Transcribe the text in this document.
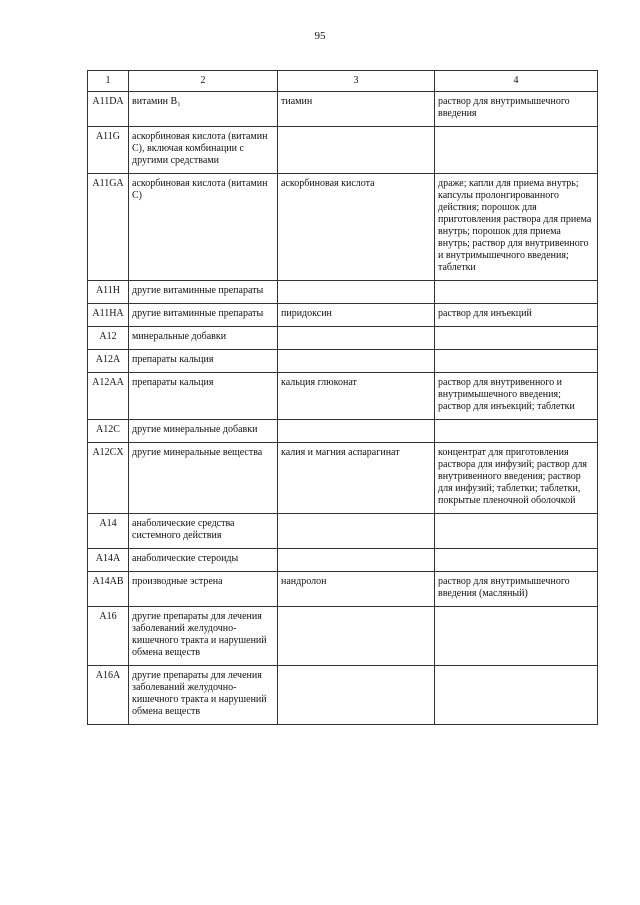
95
1	2	3	4
A11DA	витамин B₁	тиамин	раствор для внутримышечного введения
A11G	аскорбиновая кислота (витамин C), включая комбинации с другими средствами		
A11GA	аскорбиновая кислота (витамин C)	аскорбиновая кислота	драже; капли для приема внутрь; капсулы пролонгированного действия; порошок для приготовления раствора для приема внутрь; порошок для приема внутрь; раствор для внутривенного и внутримышечного введения; таблетки
A11H	другие витаминные препараты		
A11HA	другие витаминные препараты	пиридоксин	раствор для инъекций
A12	минеральные добавки		
A12A	препараты кальция		
A12AA	препараты кальция	кальция глюконат	раствор для внутривенного и внутримышечного введения; раствор для инъекций; таблетки
A12C	другие минеральные добавки		
A12CX	другие минеральные вещества	калия и магния аспарагинат	концентрат для приготовления раствора для инфузий; раствор для внутривенного введения; раствор для инфузий; таблетки; таблетки, покрытые пленочной оболочкой
A14	анаболические средства системного действия		
A14A	анаболические стероиды		
A14AB	производные эстрена	нандролон	раствор для внутримышечного введения (масляный)
A16	другие препараты для лечения заболеваний желудочно-кишечного тракта и нарушений обмена веществ		
A16A	другие препараты для лечения заболеваний желудочно-кишечного тракта и нарушений обмена веществ		
